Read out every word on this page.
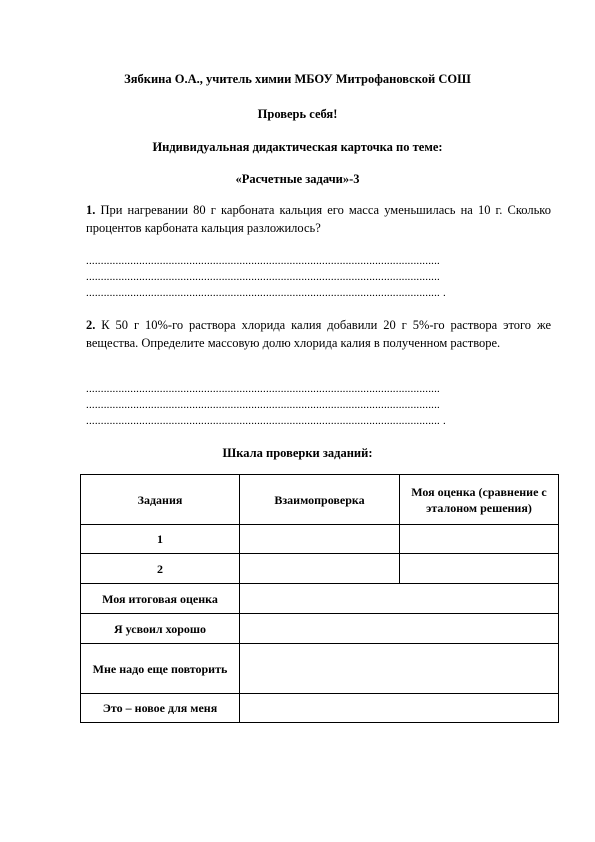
Зябкина О.А., учитель химии МБОУ Митрофановской СОШ
Проверь себя!
Индивидуальная дидактическая карточка по теме:
«Расчетные задачи»-3
1. При нагревании 80 г карбоната кальция его масса уменьшилась на 10 г. Сколько процентов карбоната кальция разложилось?
........................................................................................................................
........................................................................................................................
........................................................................................................................ .
2. К 50 г 10%-го раствора хлорида калия добавили 20 г 5%-го раствора этого же вещества. Определите массовую долю хлорида калия в полученном растворе.
........................................................................................................................
........................................................................................................................
........................................................................................................................ .
Шкала проверки заданий:
Задания	Взаимопроверка	Моя оценка (сравнение с эталоном решения)
1		
2		
Моя итоговая оценка		
Я усвоил хорошо		
Мне надо еще повторить		
Это – новое для меня		
